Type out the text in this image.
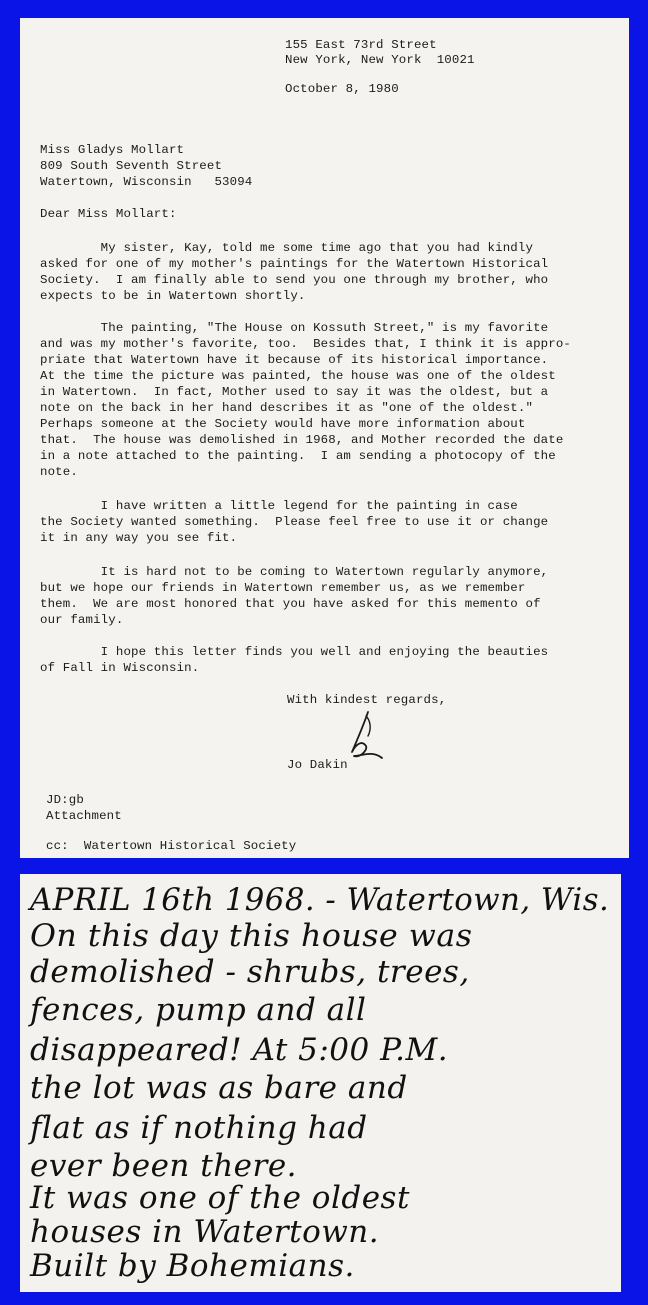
155 East 73rd Street
New York, New York  10021
October 8, 1980
Miss Gladys Mollart
809 South Seventh Street
Watertown, Wisconsin   53094
Dear Miss Mollart:
My sister, Kay, told me some time ago that you had kindly
asked for one of my mother's paintings for the Watertown Historical
Society.  I am finally able to send you one through my brother, who
expects to be in Watertown shortly.
The painting, "The House on Kossuth Street," is my favorite
and was my mother's favorite, too.  Besides that, I think it is appro-
priate that Watertown have it because of its historical importance.
At the time the picture was painted, the house was one of the oldest
in Watertown.  In fact, Mother used to say it was the oldest, but a
note on the back in her hand describes it as "one of the oldest."
Perhaps someone at the Society would have more information about
that.  The house was demolished in 1968, and Mother recorded the date
in a note attached to the painting.  I am sending a photocopy of the
note.
I have written a little legend for the painting in case
the Society wanted something.  Please feel free to use it or change
it in any way you see fit.
It is hard not to be coming to Watertown regularly anymore,
but we hope our friends in Watertown remember us, as we remember
them.  We are most honored that you have asked for this memento of
our family.
I hope this letter finds you well and enjoying the beauties
of Fall in Wisconsin.
With kindest regards,
Jo Dakin
JD:gb
Attachment
cc:  Watertown Historical Society
APRIL 16th 1968. - Watertown, Wis.
On this day this house was
demolished - shrubs, trees,
fences, pump and all
disappeared! At 5:00 P.M.
the lot was as bare and
flat as if nothing had
ever been there.
It was one of the oldest
houses in Watertown.
Built by Bohemians.
